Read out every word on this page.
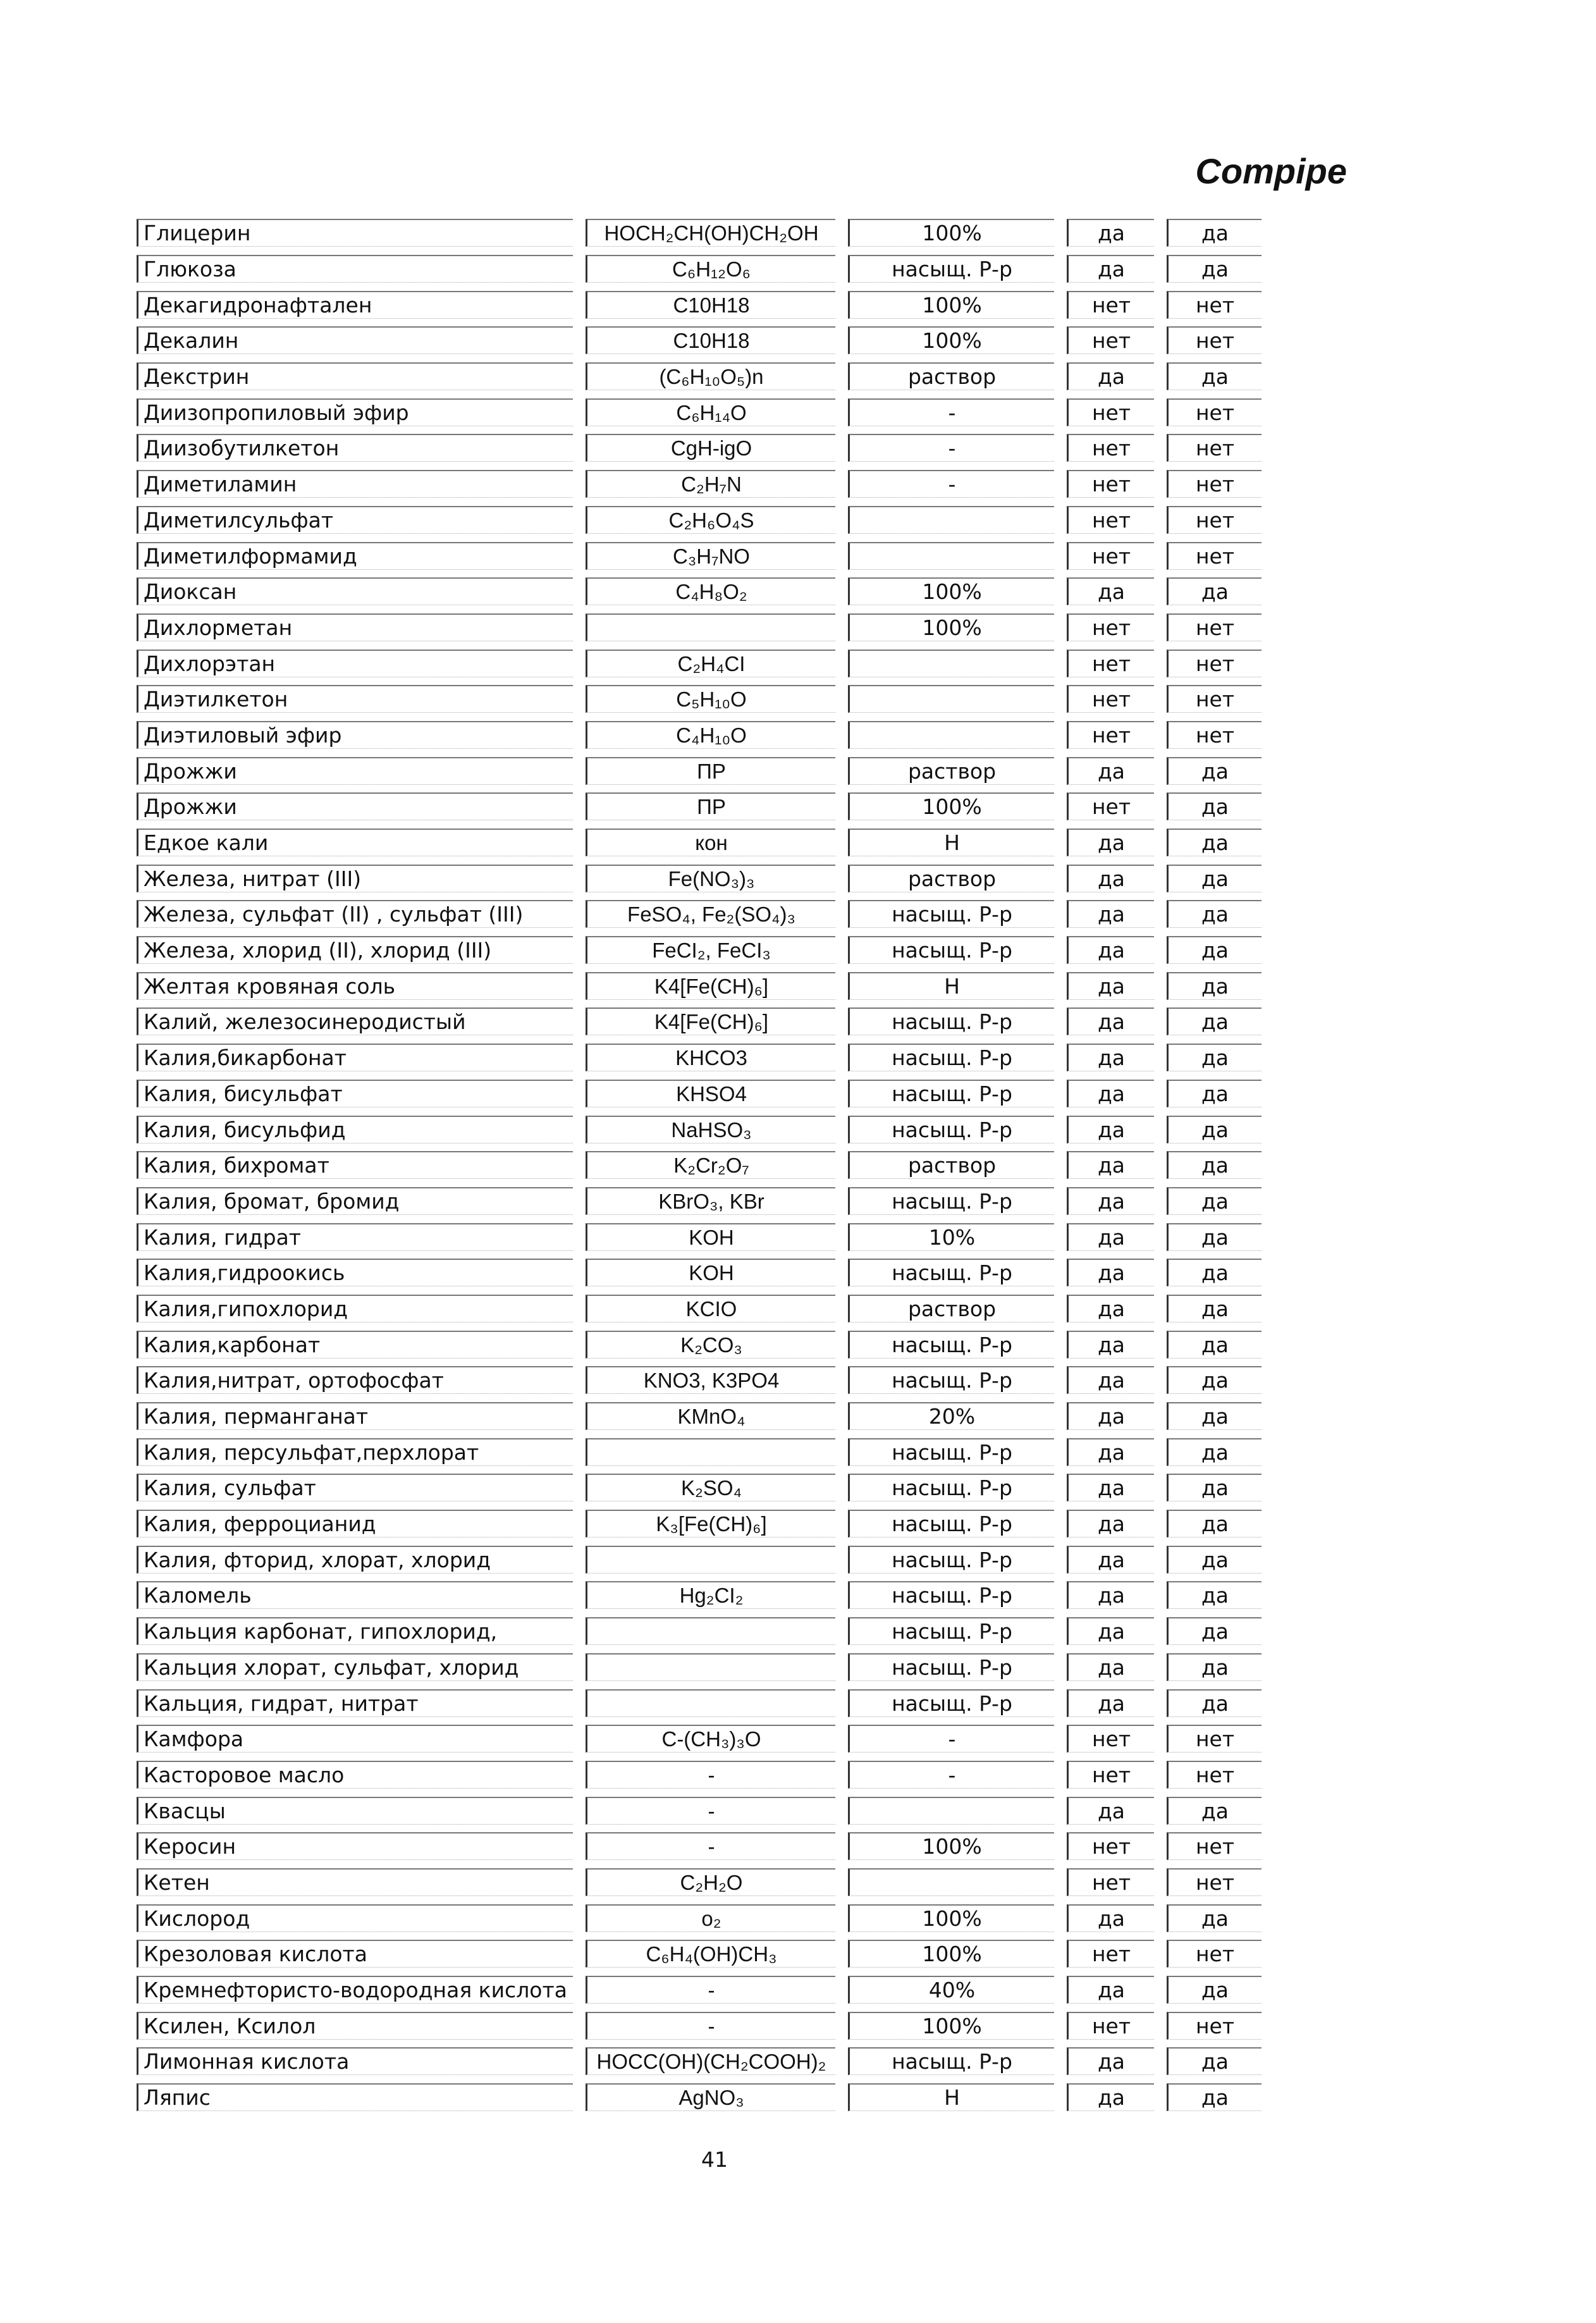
Compipe
Глицерин	HOCH₂CH(OH)CH₂OH	100%	да	да

Глюкоза	C₆H₁₂O₆	насыщ. Р-р	да	да

Декагидронафтален	C10H18	100%	нет	нет

Декалин	C10H18	100%	нет	нет

Декстрин	(C₆H₁₀O₅)n	раствор	да	да

Диизопропиловый эфир	C₆H₁₄O	-	нет	нет

Диизобутилкетон	CgH-igO	-	нет	нет

Диметиламин	C₂H₇N	-	нет	нет

Диметилсульфат	C₂H₆O₄S		нет	нет

Диметилформамид	C₃H₇NO		нет	нет

Диоксан	C₄H₈O₂	100%	да	да

Дихлорметан		100%	нет	нет

Дихлорэтан	C₂H₄CI		нет	нет

Диэтилкетон	C₅H₁₀O		нет	нет

Диэтиловый эфир	C₄H₁₀O		нет	нет

Дрожжи	ПР	раствор	да	да

Дрожжи	ПР	100%	нет	да

Едкое кали	кон	Н	да	да

Железа, нитрат (III)	Fe(NO₃)₃	раствор	да	да

Железа, сульфат (II) , сульфат (III)	FeSO₄, Fe₂(SO₄)₃	насыщ. Р-р	да	да

Железа, хлорид (II), хлорид (III)	FeCI₂, FeCI₃	насыщ. Р-р	да	да

Желтая кровяная соль	K4[Fe(CH)₆]	Н	да	да

Калий, железосинеродистый	K4[Fe(CH)₆]	насыщ. Р-р	да	да

Калия,бикарбонат	KHCO3	насыщ. Р-р	да	да

Калия, бисульфат	KHSO4	насыщ. Р-р	да	да

Калия, бисульфид	NaHSO₃	насыщ. Р-р	да	да

Калия, бихромат	K₂Cr₂O₇	раствор	да	да

Калия, бромат, бромид	KBrO₃, KBr	насыщ. Р-р	да	да

Калия, гидрат	KOH	10%	да	да

Калия,гидроокись	KOH	насыщ. Р-р	да	да

Калия,гипохлорид	KCIO	раствор	да	да

Калия,карбонат	K₂CO₃	насыщ. Р-р	да	да

Калия,нитрат, ортофосфат	KNO3, K3PO4	насыщ. Р-р	да	да

Калия, перманганат	KMnO₄	20%	да	да

Калия, персульфат,перхлорат		насыщ. Р-р	да	да

Калия, сульфат	K₂SO₄	насыщ. Р-р	да	да

Калия, ферроцианид	K₃[Fe(CH)₆]	насыщ. Р-р	да	да

Калия, фторид, хлорат, хлорид		насыщ. Р-р	да	да

Каломель	Hg₂CI₂	насыщ. Р-р	да	да

Кальция карбонат, гипохлорид,		насыщ. Р-р	да	да

Кальция хлорат, сульфат, хлорид		насыщ. Р-р	да	да

Кальция, гидрат, нитрат		насыщ. Р-р	да	да

Камфора	C-(CH₃)₃O	-	нет	нет

Касторовое масло	-	-	нет	нет

Квасцы	-		да	да

Керосин	-	100%	нет	нет

Кетен	C₂H₂O		нет	нет

Кислород	o₂	100%	да	да

Крезоловая кислота	C₆H₄(OH)CH₃	100%	нет	нет

Кремнефтористо-водородная кислота	-	40%	да	да

Ксилен, Ксилол	-	100%	нет	нет

Лимонная кислота	HOCC(OH)(CH₂COOH)₂	насыщ. Р-р	да	да

Ляпис	AgNO₃	Н	да	да
41
